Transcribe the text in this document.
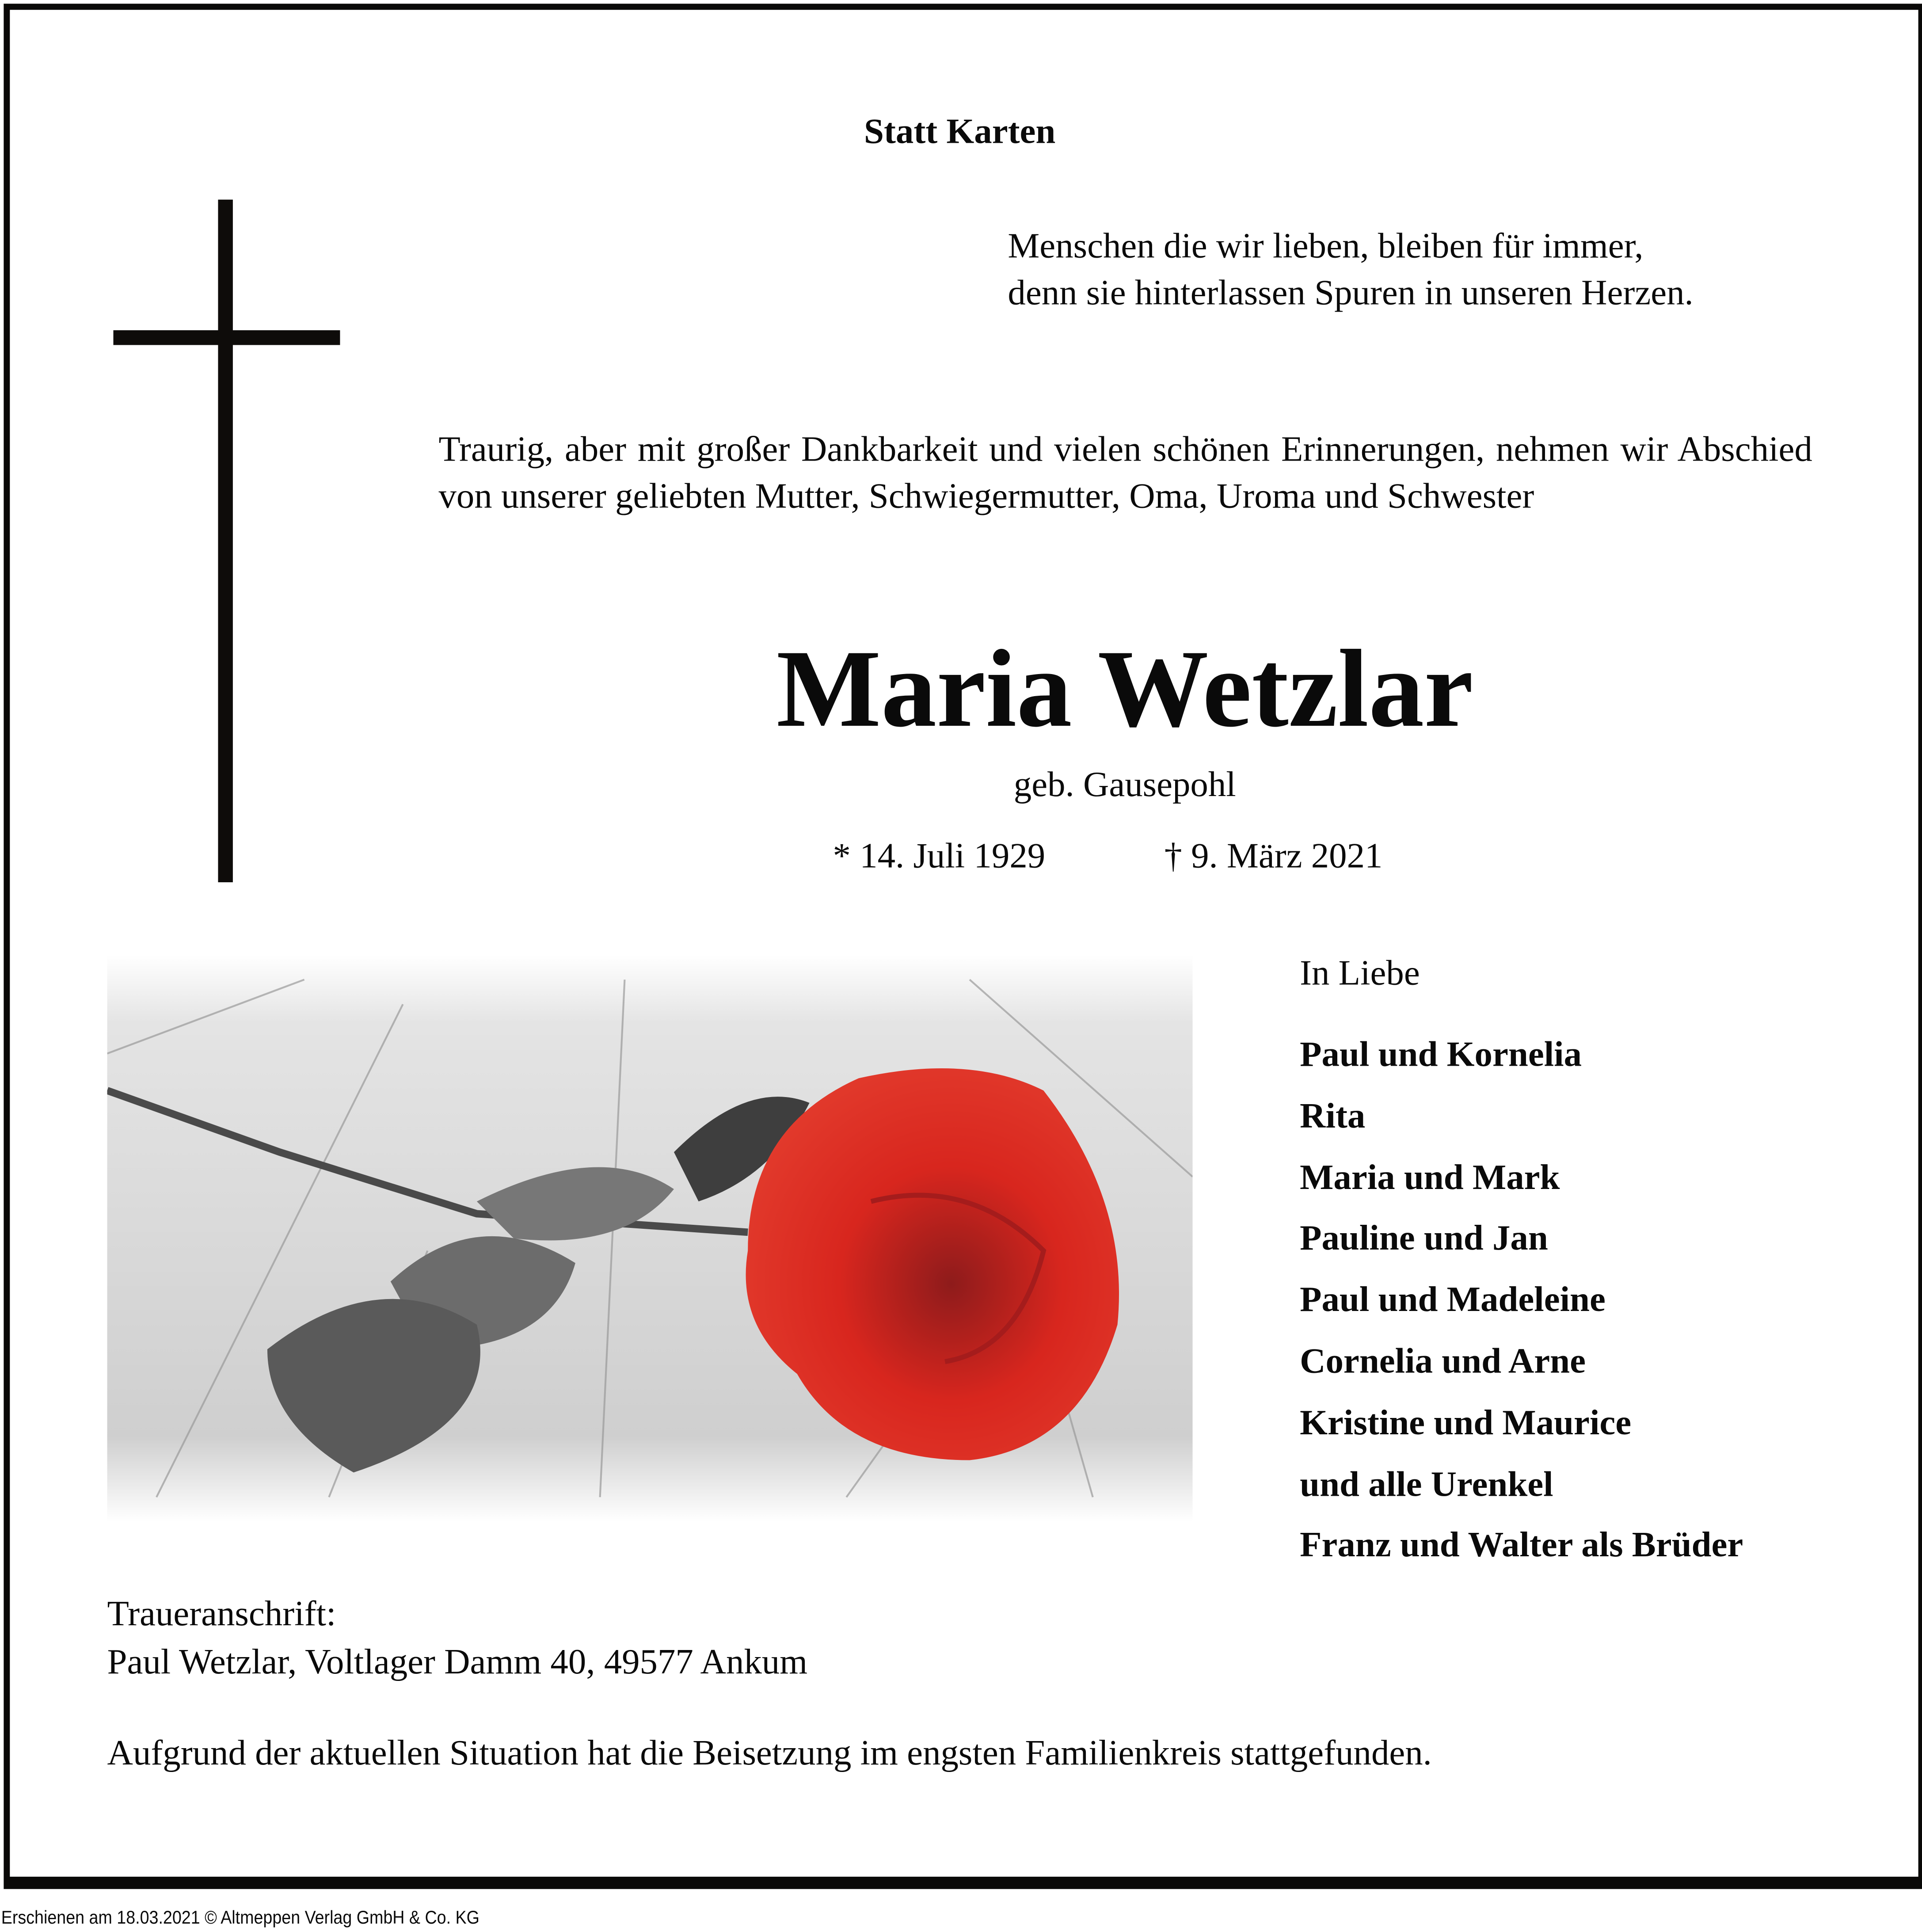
Statt Karten
Menschen die wir lieben, bleiben für immer,
denn sie hinterlassen Spuren in unseren Herzen.
Traurig, aber mit großer Dankbarkeit und vielen schönen Erinnerungen, nehmen wir Abschied von unserer geliebten Mutter, Schwiegermutter, Oma, Uroma und Schwester
Maria Wetzlar
geb. Gausepohl
* 14. Juli 1929	† 9. März 2021
In Liebe
Paul und Kornelia
Rita
Maria und Mark
Pauline und Jan
Paul und Madeleine
Cornelia und Arne
Kristine und Maurice
und alle Urenkel
Franz und Walter als Brüder
Traueranschrift:
Paul Wetzlar, Voltlager Damm 40, 49577 Ankum
Aufgrund der aktuellen Situation hat die Beisetzung im engsten Familienkreis stattgefunden.
Erschienen am 18.03.2021 © Altmeppen Verlag GmbH & Co. KG
